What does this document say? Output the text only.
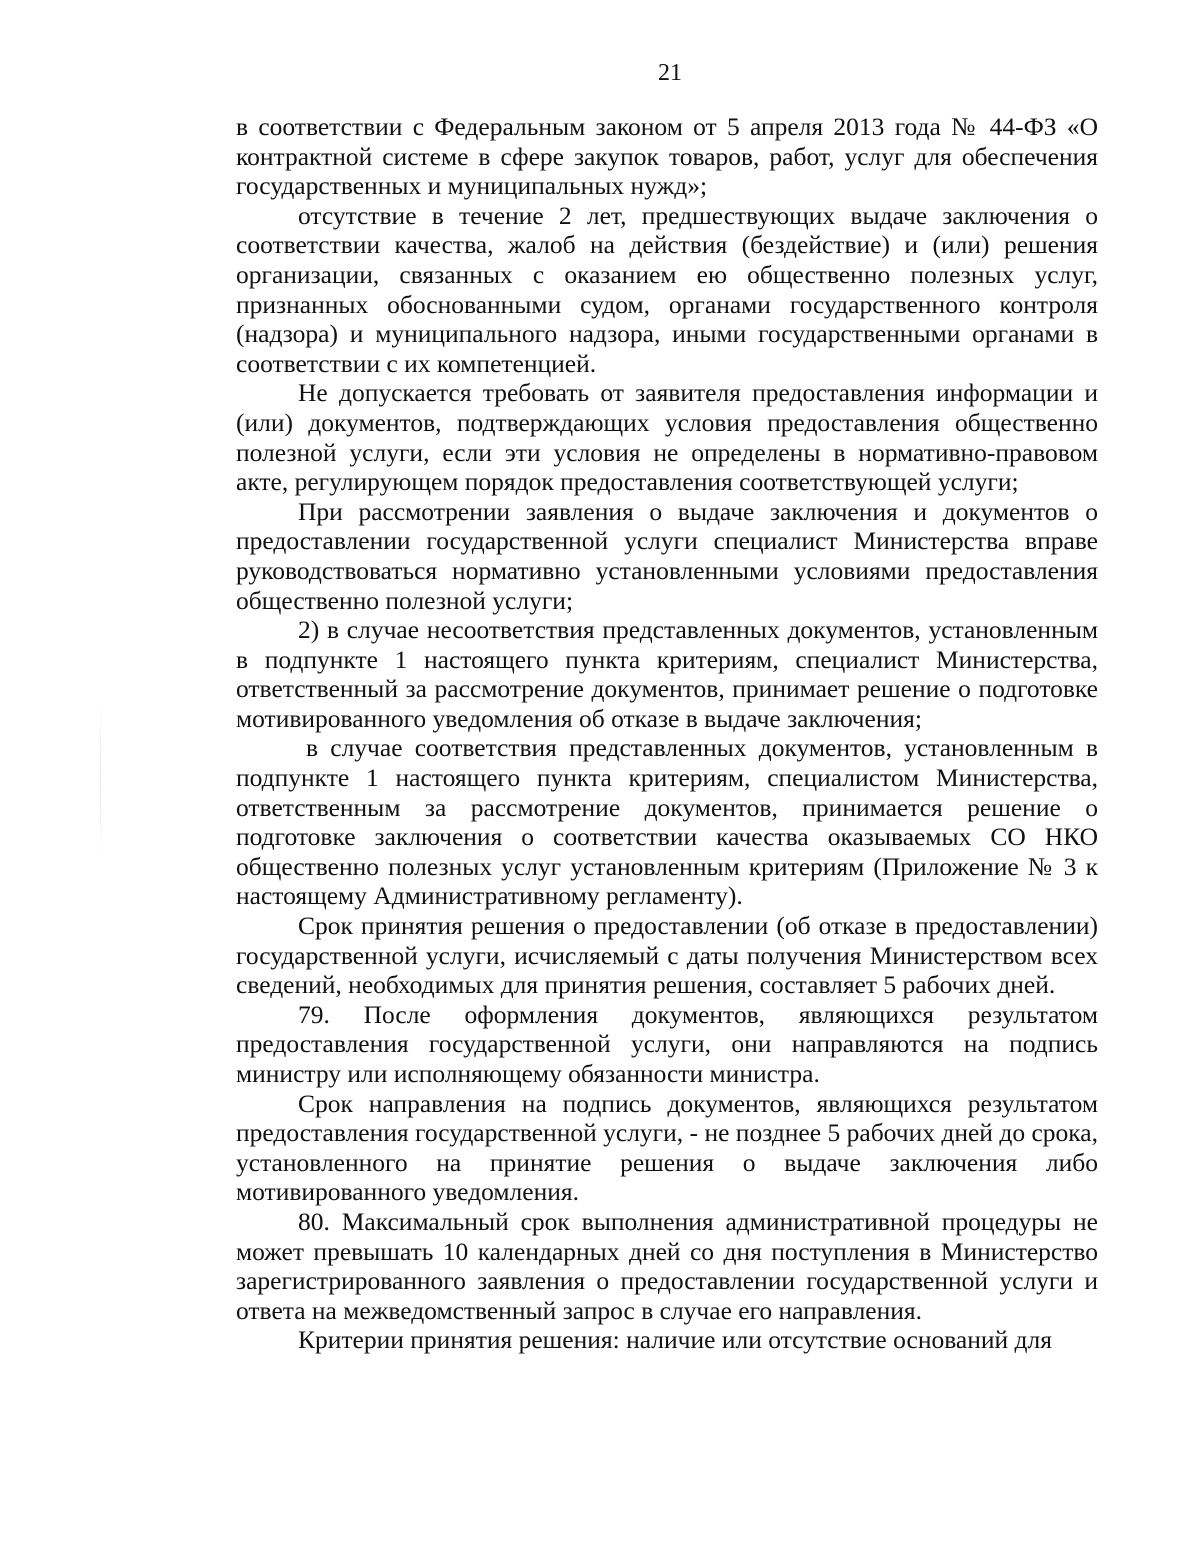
21

в соответствии с Федеральным законом от 5 апреля 2013 года № 44-ФЗ «О контрактной системе в сфере закупок товаров, работ, услуг для обеспечения государственных и муниципальных нужд»;

отсутствие в течение 2 лет, предшествующих выдаче заключения о соответствии качества, жалоб на действия (бездействие) и (или) решения организации, связанных с оказанием ею общественно полезных услуг, признанных обоснованными судом, органами государственного контроля (надзора) и муниципального надзора, иными государственными органами в соответствии с их компетенцией.

Не допускается требовать от заявителя предоставления информации и (или) документов, подтверждающих условия предоставления общественно полезной услуги, если эти условия не определены в нормативно-правовом акте, регулирующем порядок предоставления соответствующей услуги;

При рассмотрении заявления о выдаче заключения и документов о предоставлении государственной услуги специалист Министерства вправе руководствоваться нормативно установленными условиями предоставления общественно полезной услуги;

2) в случае несоответствия представленных документов, установленным в подпункте 1 настоящего пункта критериям, специалист Министерства, ответственный за рассмотрение документов, принимает решение о подготовке мотивированного уведомления об отказе в выдаче заключения;

в случае соответствия представленных документов, установленным в подпункте 1 настоящего пункта критериям, специалистом Министерства, ответственным за рассмотрение документов, принимается решение о подготовке заключения о соответствии качества оказываемых СО НКО общественно полезных услуг установленным критериям (Приложение № 3 к настоящему Административному регламенту).

Срок принятия решения о предоставлении (об отказе в предоставлении) государственной услуги, исчисляемый с даты получения Министерством всех сведений, необходимых для принятия решения, составляет 5 рабочих дней.

79. После оформления документов, являющихся результатом предоставления государственной услуги, они направляются на подпись министру или исполняющему обязанности министра.

Срок направления на подпись документов, являющихся результатом предоставления государственной услуги, - не позднее 5 рабочих дней до срока, установленного на принятие решения о выдаче заключения либо мотивированного уведомления.

80. Максимальный срок выполнения административной процедуры не может превышать 10 календарных дней со дня поступления в Министерство зарегистрированного заявления о предоставлении государственной услуги и ответа на межведомственный запрос в случае его направления.

Критерии принятия решения: наличие или отсутствие оснований для
